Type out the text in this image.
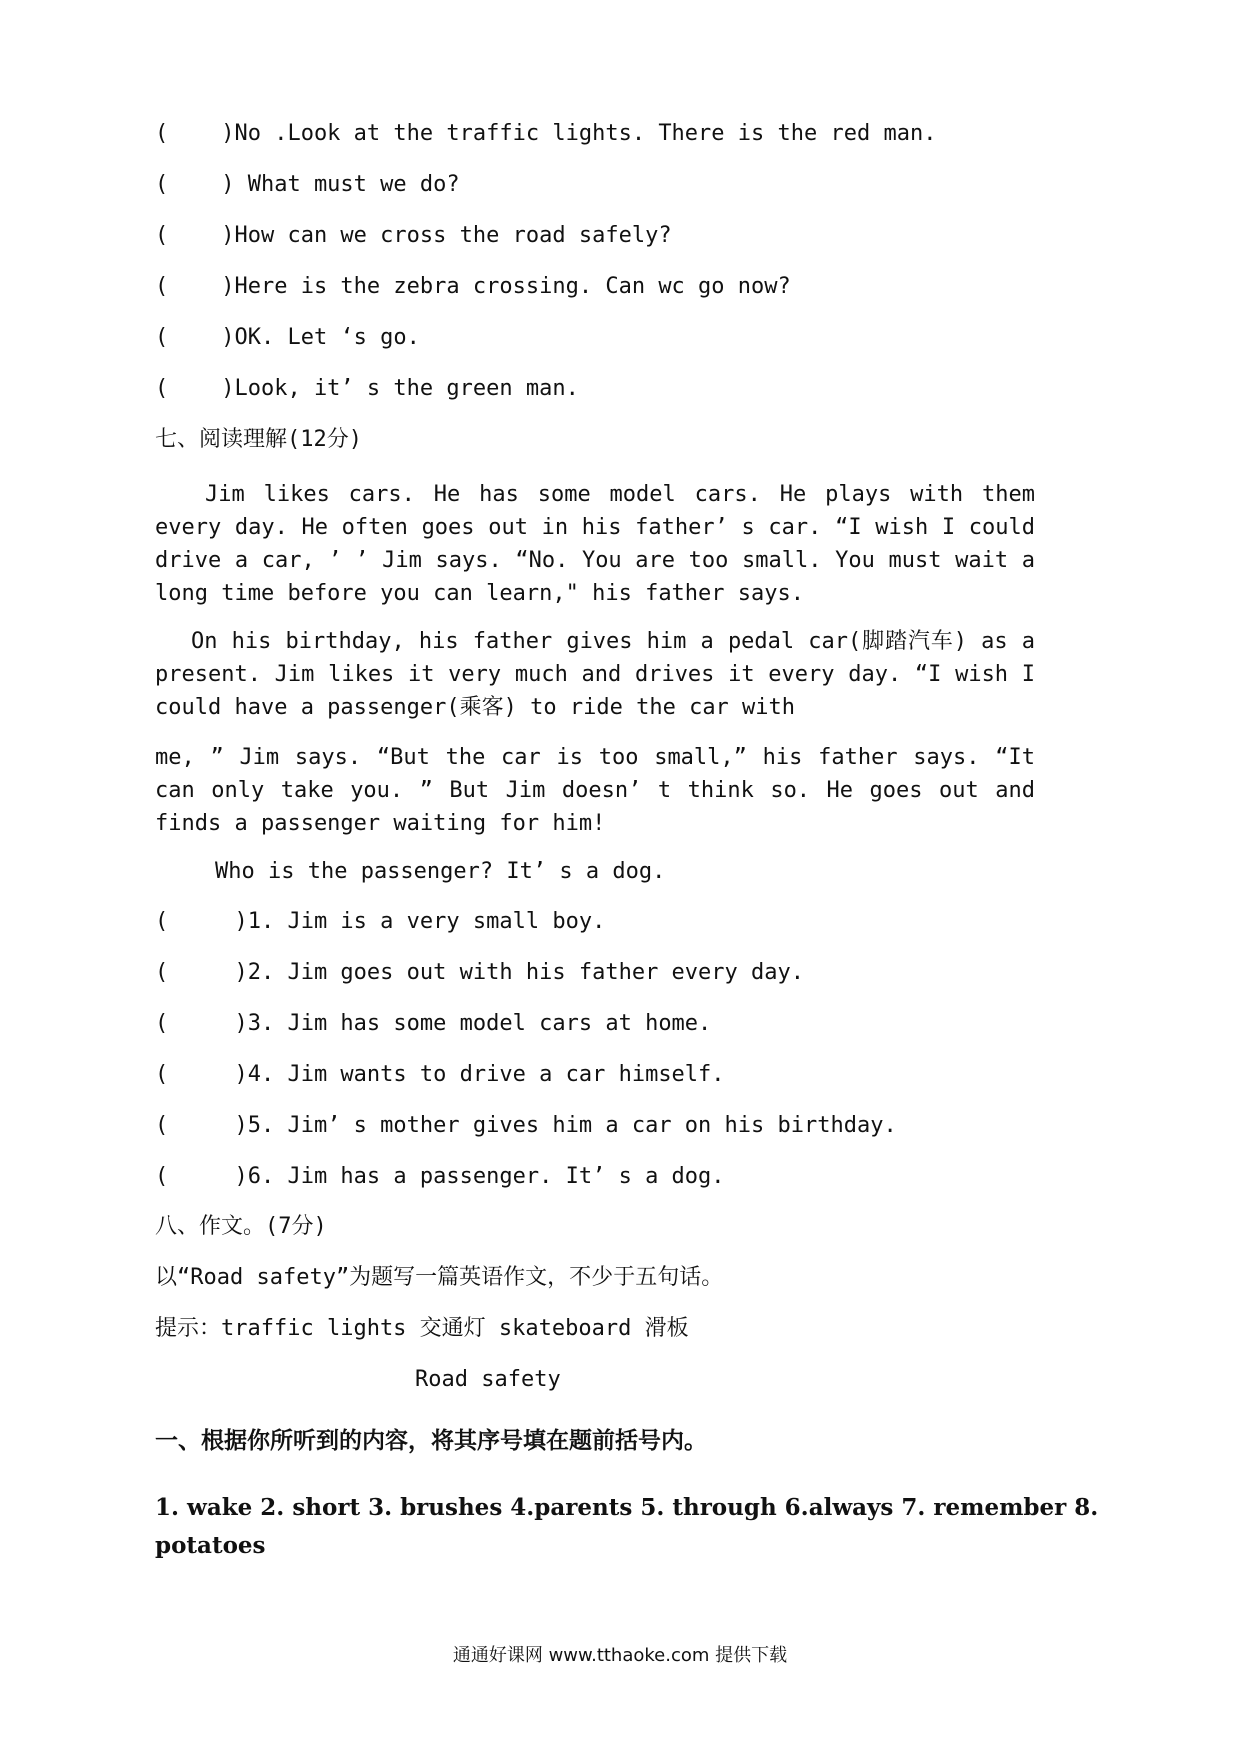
(    )No .Look at the traffic lights. There is the red man.
(    ) What must we do?
(    )How can we cross the road safely?
(    )Here is the zebra crossing. Can wc go now?
(    )OK. Let ‘s go.
(    )Look, it’ s the green man.
七、阅读理解(12分)
Jim likes cars. He has some model cars. He plays with them every day. He often goes out in his father’ s car. “I wish I could drive a car, ’ ’ Jim says. “No. You are too small. You must wait a long time before you can learn," his father says.
On his birthday, his father gives him a pedal car(脚踏汽车) as a present. Jim likes it very much and drives it every day. “I wish I could have a passenger(乘客) to ride the car with
me, ” Jim says. “But the car is too small,” his father says. “It can only take you. ” But Jim doesn’ t think so. He goes out and finds a passenger waiting for him!
Who is the passenger? It’ s a dog.
(     )1. Jim is a very small boy.
(     )2. Jim goes out with his father every day.
(     )3. Jim has some model cars at home.
(     )4. Jim wants to drive a car himself.
(     )5. Jim’ s mother gives him a car on his birthday.
(     )6. Jim has a passenger. It’ s a dog.
八、作文。(7分)
以“Road safety”为题写一篇英语作文，不少于五句话。
提示：traffic lights 交通灯 skateboard 滑板
Road safety
一、根据你所听到的内容，将其序号填在题前括号内。
1. wake 2. short 3. brushes 4.parents 5. through 6.always 7. remember 8.
potatoes
通通好课网 www.tthaoke.com 提供下载
